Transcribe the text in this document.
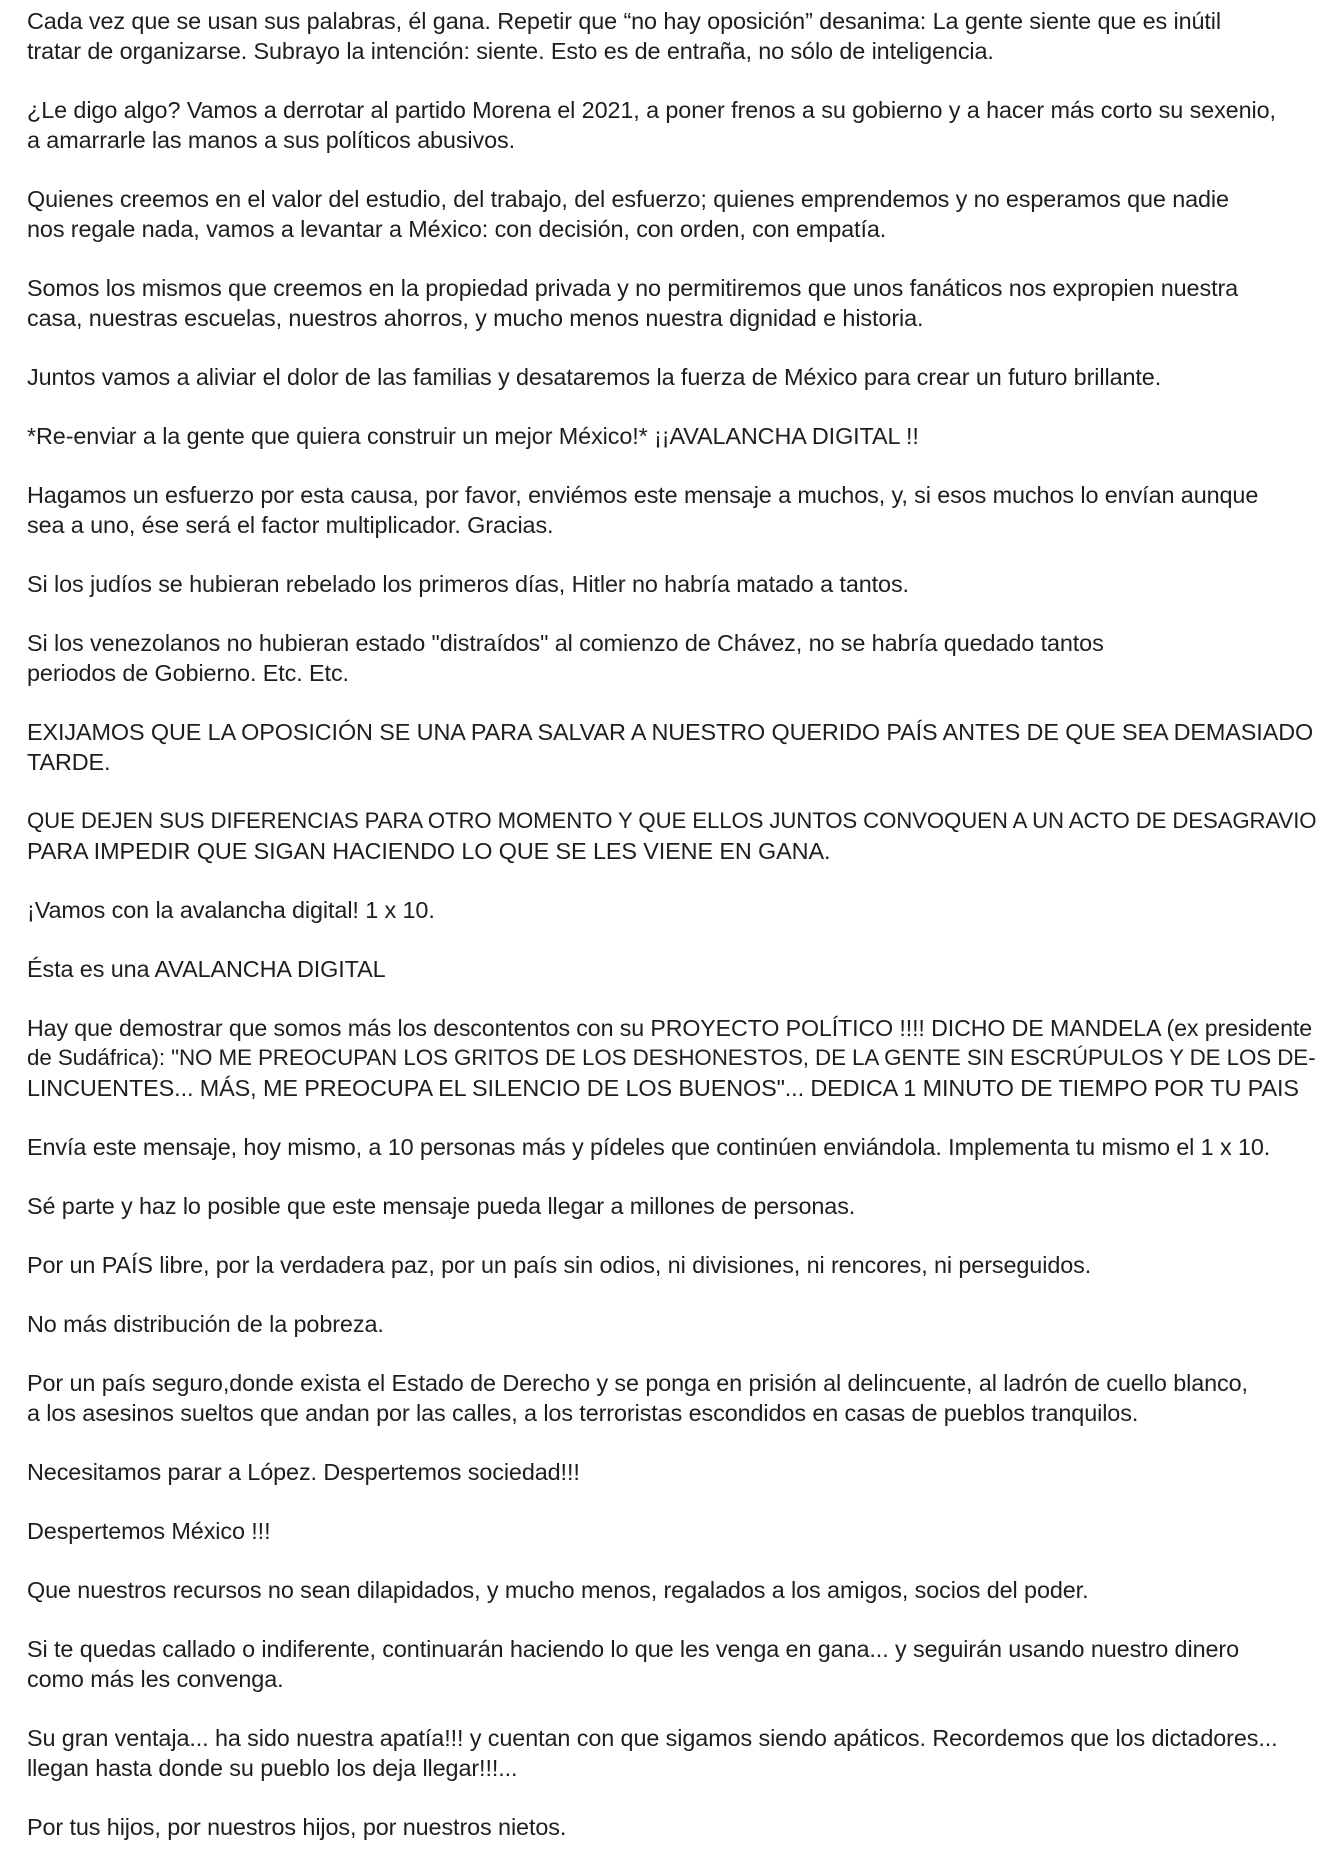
Cada vez que se usan sus palabras, él gana. Repetir que “no hay oposición” desanima: La gente siente que es inútil
tratar de organizarse. Subrayo la intención: siente. Esto es de entraña, no sólo de inteligencia.

¿Le digo algo? Vamos a derrotar al partido Morena el 2021, a poner frenos a su gobierno y a hacer más corto su sexenio,
a amarrarle las manos a sus políticos abusivos.

Quienes creemos en el valor del estudio, del trabajo, del esfuerzo; quienes emprendemos y no esperamos que nadie
nos regale nada, vamos a levantar a México: con decisión, con orden, con empatía.

Somos los mismos que creemos en la propiedad privada y no permitiremos que unos fanáticos nos expropien nuestra
casa, nuestras escuelas, nuestros ahorros, y mucho menos nuestra dignidad e historia.

Juntos vamos a aliviar el dolor de las familias y desataremos la fuerza de México para crear un futuro brillante.

*Re-enviar a la gente que quiera construir un mejor México!* ¡¡AVALANCHA DIGITAL !!

Hagamos un esfuerzo por esta causa, por favor, enviémos este mensaje a muchos, y, si esos muchos lo envían aunque
sea a uno, ése será el factor multiplicador. Gracias.

Si los judíos se hubieran rebelado los primeros días, Hitler no habría matado a tantos.

Si los venezolanos no hubieran estado "distraídos" al comienzo de Chávez, no se habría quedado tantos
periodos de Gobierno. Etc. Etc.

EXIJAMOS QUE LA OPOSICIÓN SE UNA PARA SALVAR A NUESTRO QUERIDO PAÍS ANTES DE QUE SEA DEMASIADO
TARDE.

QUE DEJEN SUS DIFERENCIAS PARA OTRO MOMENTO Y QUE ELLOS JUNTOS CONVOQUEN A UN ACTO DE DESAGRAVIO
PARA IMPEDIR QUE SIGAN HACIENDO LO QUE SE LES VIENE EN GANA.

¡Vamos con la avalancha digital! 1 x 10.

Ésta es una AVALANCHA DIGITAL

Hay que demostrar que somos más los descontentos con su PROYECTO POLÍTICO !!!! DICHO DE MANDELA (ex presidente
de Sudáfrica): "NO ME PREOCUPAN LOS GRITOS DE LOS DESHONESTOS, DE LA GENTE SIN ESCRÚPULOS Y DE LOS DE-
LINCUENTES... MÁS, ME PREOCUPA EL SILENCIO DE LOS BUENOS"... DEDICA 1 MINUTO DE TIEMPO POR TU PAIS

Envía este mensaje, hoy mismo, a 10 personas más y pídeles que continúen enviándola. Implementa tu mismo el 1 x 10.

Sé parte y haz lo posible que este mensaje pueda llegar a millones de personas.

Por un PAÍS libre, por la verdadera paz, por un país sin odios, ni divisiones, ni rencores, ni perseguidos.

No más distribución de la pobreza.

Por un país seguro,donde exista el Estado de Derecho y se ponga en prisión al delincuente, al ladrón de cuello blanco,
a los asesinos sueltos que andan por las calles, a los terroristas escondidos en casas de pueblos tranquilos.

Necesitamos parar a López. Despertemos sociedad!!!

Despertemos México !!!

Que nuestros recursos no sean dilapidados, y mucho menos, regalados a los amigos, socios del poder.

Si te quedas callado o indiferente, continuarán haciendo lo que les venga en gana... y seguirán usando nuestro dinero
como más les convenga.

Su gran ventaja... ha sido nuestra apatía!!! y cuentan con que sigamos siendo apáticos. Recordemos que los dictadores...
llegan hasta donde su pueblo los deja llegar!!!...

Por tus hijos, por nuestros hijos, por nuestros nietos.
